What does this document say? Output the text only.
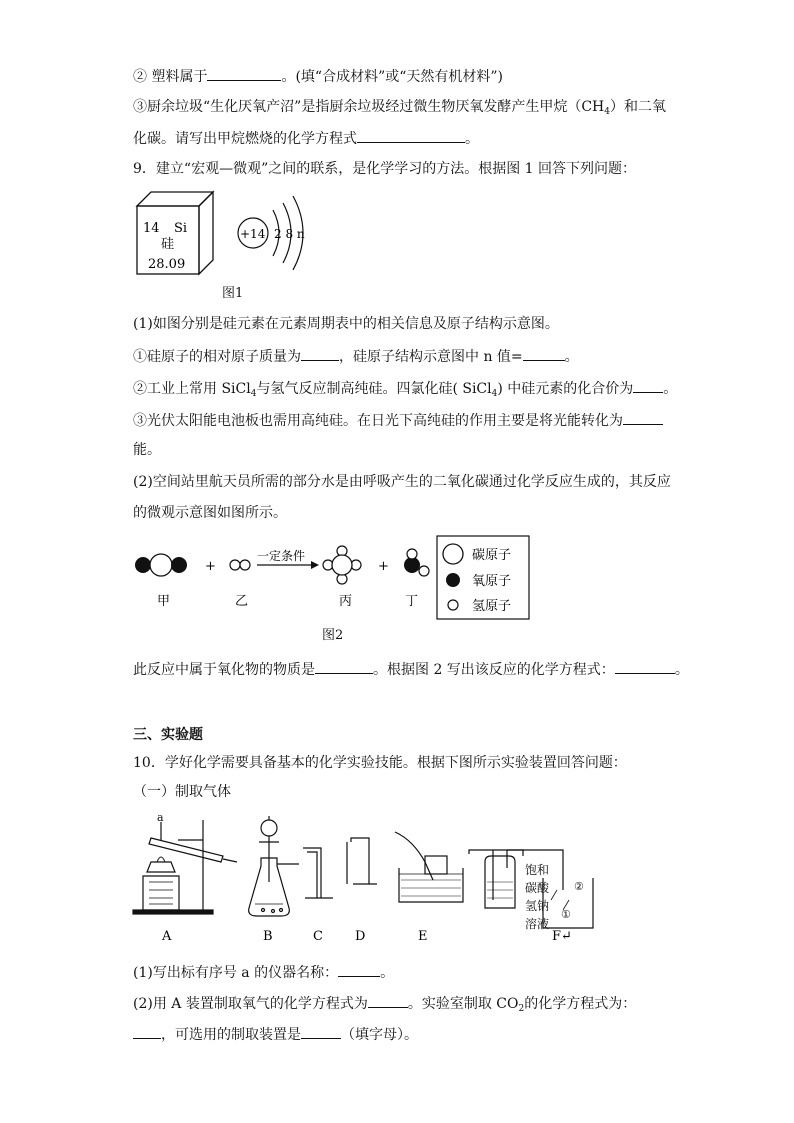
② 塑料属于	。(填“合成材料”或“天然有机材料”)
③厨余垃圾“生化厌氧产沼”是指厨余垃圾经过微生物厌氧发酵产生甲烷$(CH_4)$和二氧
化碳。请写出甲烷燃烧的化学方程式	。
9．建立“宏观—微观”之间的联系，是化学学习的方法。根据图 1 回答下列问题：
14 Si
硅
28.09
+14 2 8 n
图1
(1)如图分别是硅元素在元素周期表中的相关信息及原子结构示意图。
①硅原子的相对原子质量为	，硅原子结构示意图中 n 值=	。
②工业上常用 SiCl$_4$与氢气反应制高纯硅。四氯化硅( SiCl$_4$) 中硅元素的化合价为 。
③光伏太阳能电池板也需用高纯硅。在日光下高纯硅的作用主要是将光能转化为
能。
(2)空间站里航天员所需的部分水是由呼吸产生的二氧化碳通过化学反应生成的，其反应
的微观示意图如图所示。
+
一定条件
+
甲	乙	丙	丁
碳原子
氧原子
氢原子
图2
此反应中属于氧化物的物质是	。根据图 2 写出该反应的化学方程式：	。
三、实验题
10．学好化学需要具备基本的化学实验技能。根据下图所示实验装置回答问题：
（一）制取气体
a
饱和
碳酸
氢钠
溶液
①
②
A	B	C D	E	F↵
(1)写出标有序号 a 的仪器名称：	。
(2)用 A 装置制取氧气的化学方程式为	。实验室制取 $CO_2$的化学方程式为：
，可选用的制取装置是	（填字母）。
